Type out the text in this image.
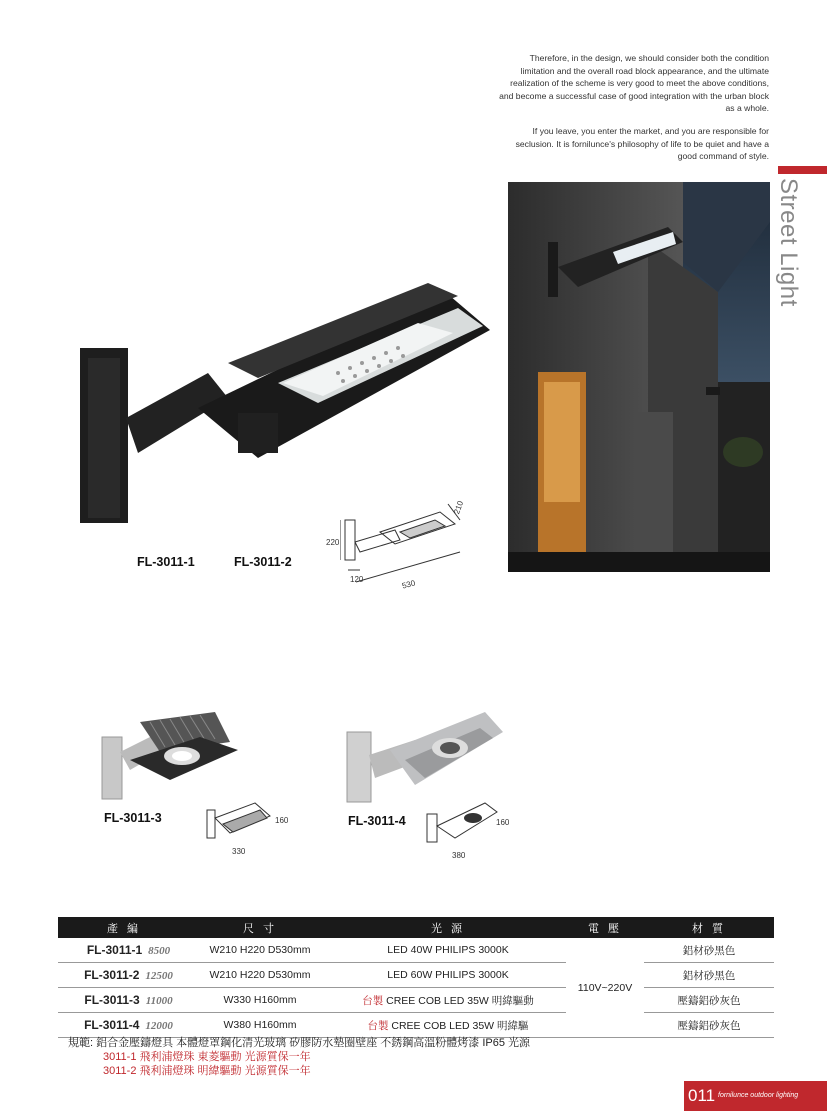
Therefore, in the design, we should consider both the condition limitation and the overall road block appearance, and the ultimate realization of the scheme is very good to meet the above conditions, and become a successful case of good integration with the urban block as a whole.

If you leave, you enter the market, and you are responsible for seclusion. It is fornilunce's philosophy of life to be quiet and have a good command of style.

Street Light
220
210
120	530
FL-3011-1	FL-3011-2
160
330
FL-3011-3	160
380
FL-3011-4
產 編	尺 寸	光 源	電 壓	材 質
FL-3011-1 8500	W210 H220 D530mm	LED 40W PHILIPS 3000K	110V~220V	鋁材砂黑色
FL-3011-2 12500	W210 H220 D530mm	LED 60W PHILIPS 3000K		鋁材砂黑色
FL-3011-3 11000	W330 H160mm	台製 CREE COB LED 35W 明緯驅動		壓鑄鋁砂灰色
FL-3011-4 12000	W380 H160mm	台製 CREE COB LED 35W 明緯驅		壓鑄鋁砂灰色
規範: 鋁合金壓鑄燈具 本體燈罩鋼化清光玻璃 矽膠防水墊圈壁座 不銹鋼高溫粉體烤漆 IP65 光源
3011-1 飛利浦燈珠 東菱驅動 光源質保一年
3011-2 飛利浦燈珠 明緯驅動 光源質保一年
011 fornilunce outdoor lighting
